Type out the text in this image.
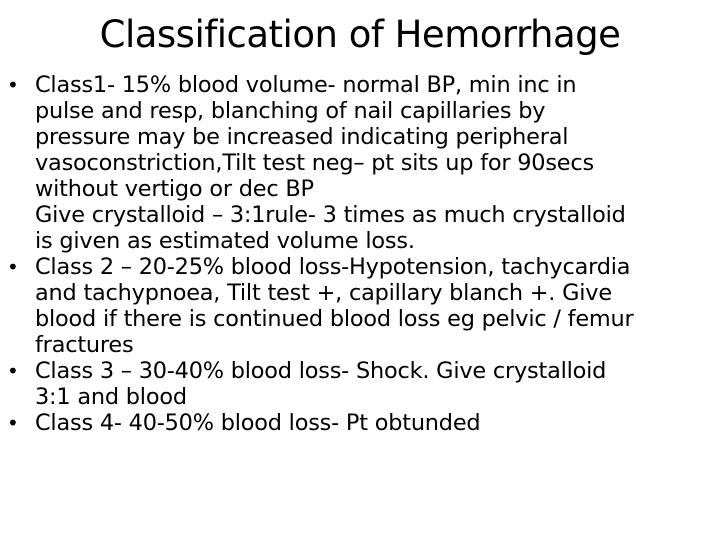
Classification of Hemorrhage
• Class1- 15% blood volume- normal BP, min inc in
pulse and resp, blanching of nail capillaries by
pressure may be increased indicating peripheral
vasoconstriction,Tilt test neg– pt sits up for 90secs
without vertigo or dec BP
Give crystalloid – 3:1rule- 3 times as much crystalloid
is given as estimated volume loss.
• Class 2 – 20-25% blood loss-Hypotension, tachycardia
and tachypnoea, Tilt test +, capillary blanch +. Give
blood if there is continued blood loss eg pelvic / femur
fractures
• Class 3 – 30-40% blood loss- Shock. Give crystalloid
3:1 and blood
• Class 4- 40-50% blood loss- Pt obtunded
